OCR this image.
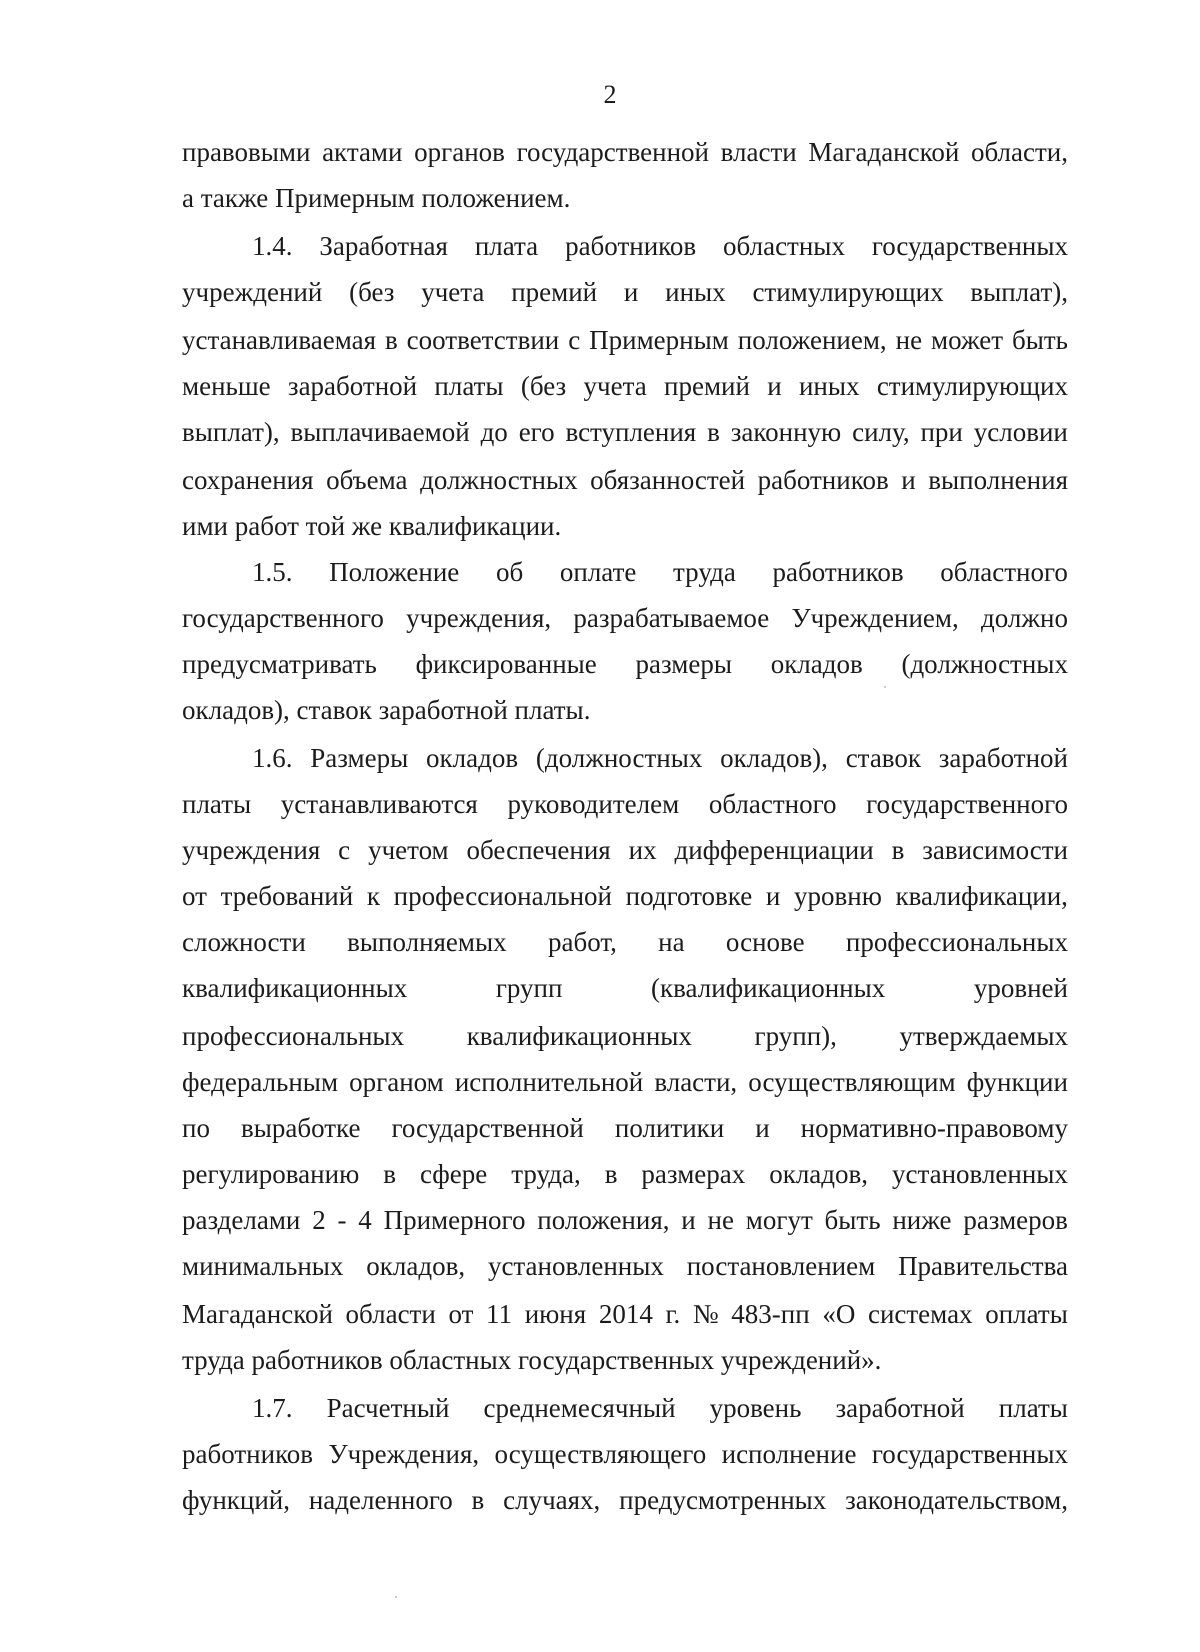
2
правовыми актами органов государственной власти Магаданской области,
а также Примерным положением.
1.4. Заработная плата работников областных государственных
учреждений (без учета премий и иных стимулирующих выплат),
устанавливаемая в соответствии с Примерным положением, не может быть
меньше заработной платы (без учета премий и иных стимулирующих
выплат), выплачиваемой до его вступления в законную силу, при условии
сохранения объема должностных обязанностей работников и выполнения
ими работ той же квалификации.
1.5. Положение об оплате труда работников областного
государственного учреждения, разрабатываемое Учреждением, должно
предусматривать фиксированные размеры окладов (должностных
окладов), ставок заработной платы.
1.6. Размеры окладов (должностных окладов), ставок заработной
платы устанавливаются руководителем областного государственного
учреждения с учетом обеспечения их дифференциации в зависимости
от требований к профессиональной подготовке и уровню квалификации,
сложности выполняемых работ, на основе профессиональных
квалификационных	групп	(квалификационных	уровней
профессиональных квалификационных групп), утверждаемых
федеральным органом исполнительной власти, осуществляющим функции
по выработке государственной политики и нормативно-правовому
регулированию в сфере труда, в размерах окладов, установленных
разделами 2 - 4 Примерного положения, и не могут быть ниже размеров
минимальных окладов, установленных постановлением Правительства
Магаданской области от 11 июня 2014 г. № 483-пп «О системах оплаты
труда работников областных государственных учреждений».
1.7. Расчетный среднемесячный уровень заработной платы
работников Учреждения, осуществляющего исполнение государственных
функций, наделенного в случаях, предусмотренных законодательством,
